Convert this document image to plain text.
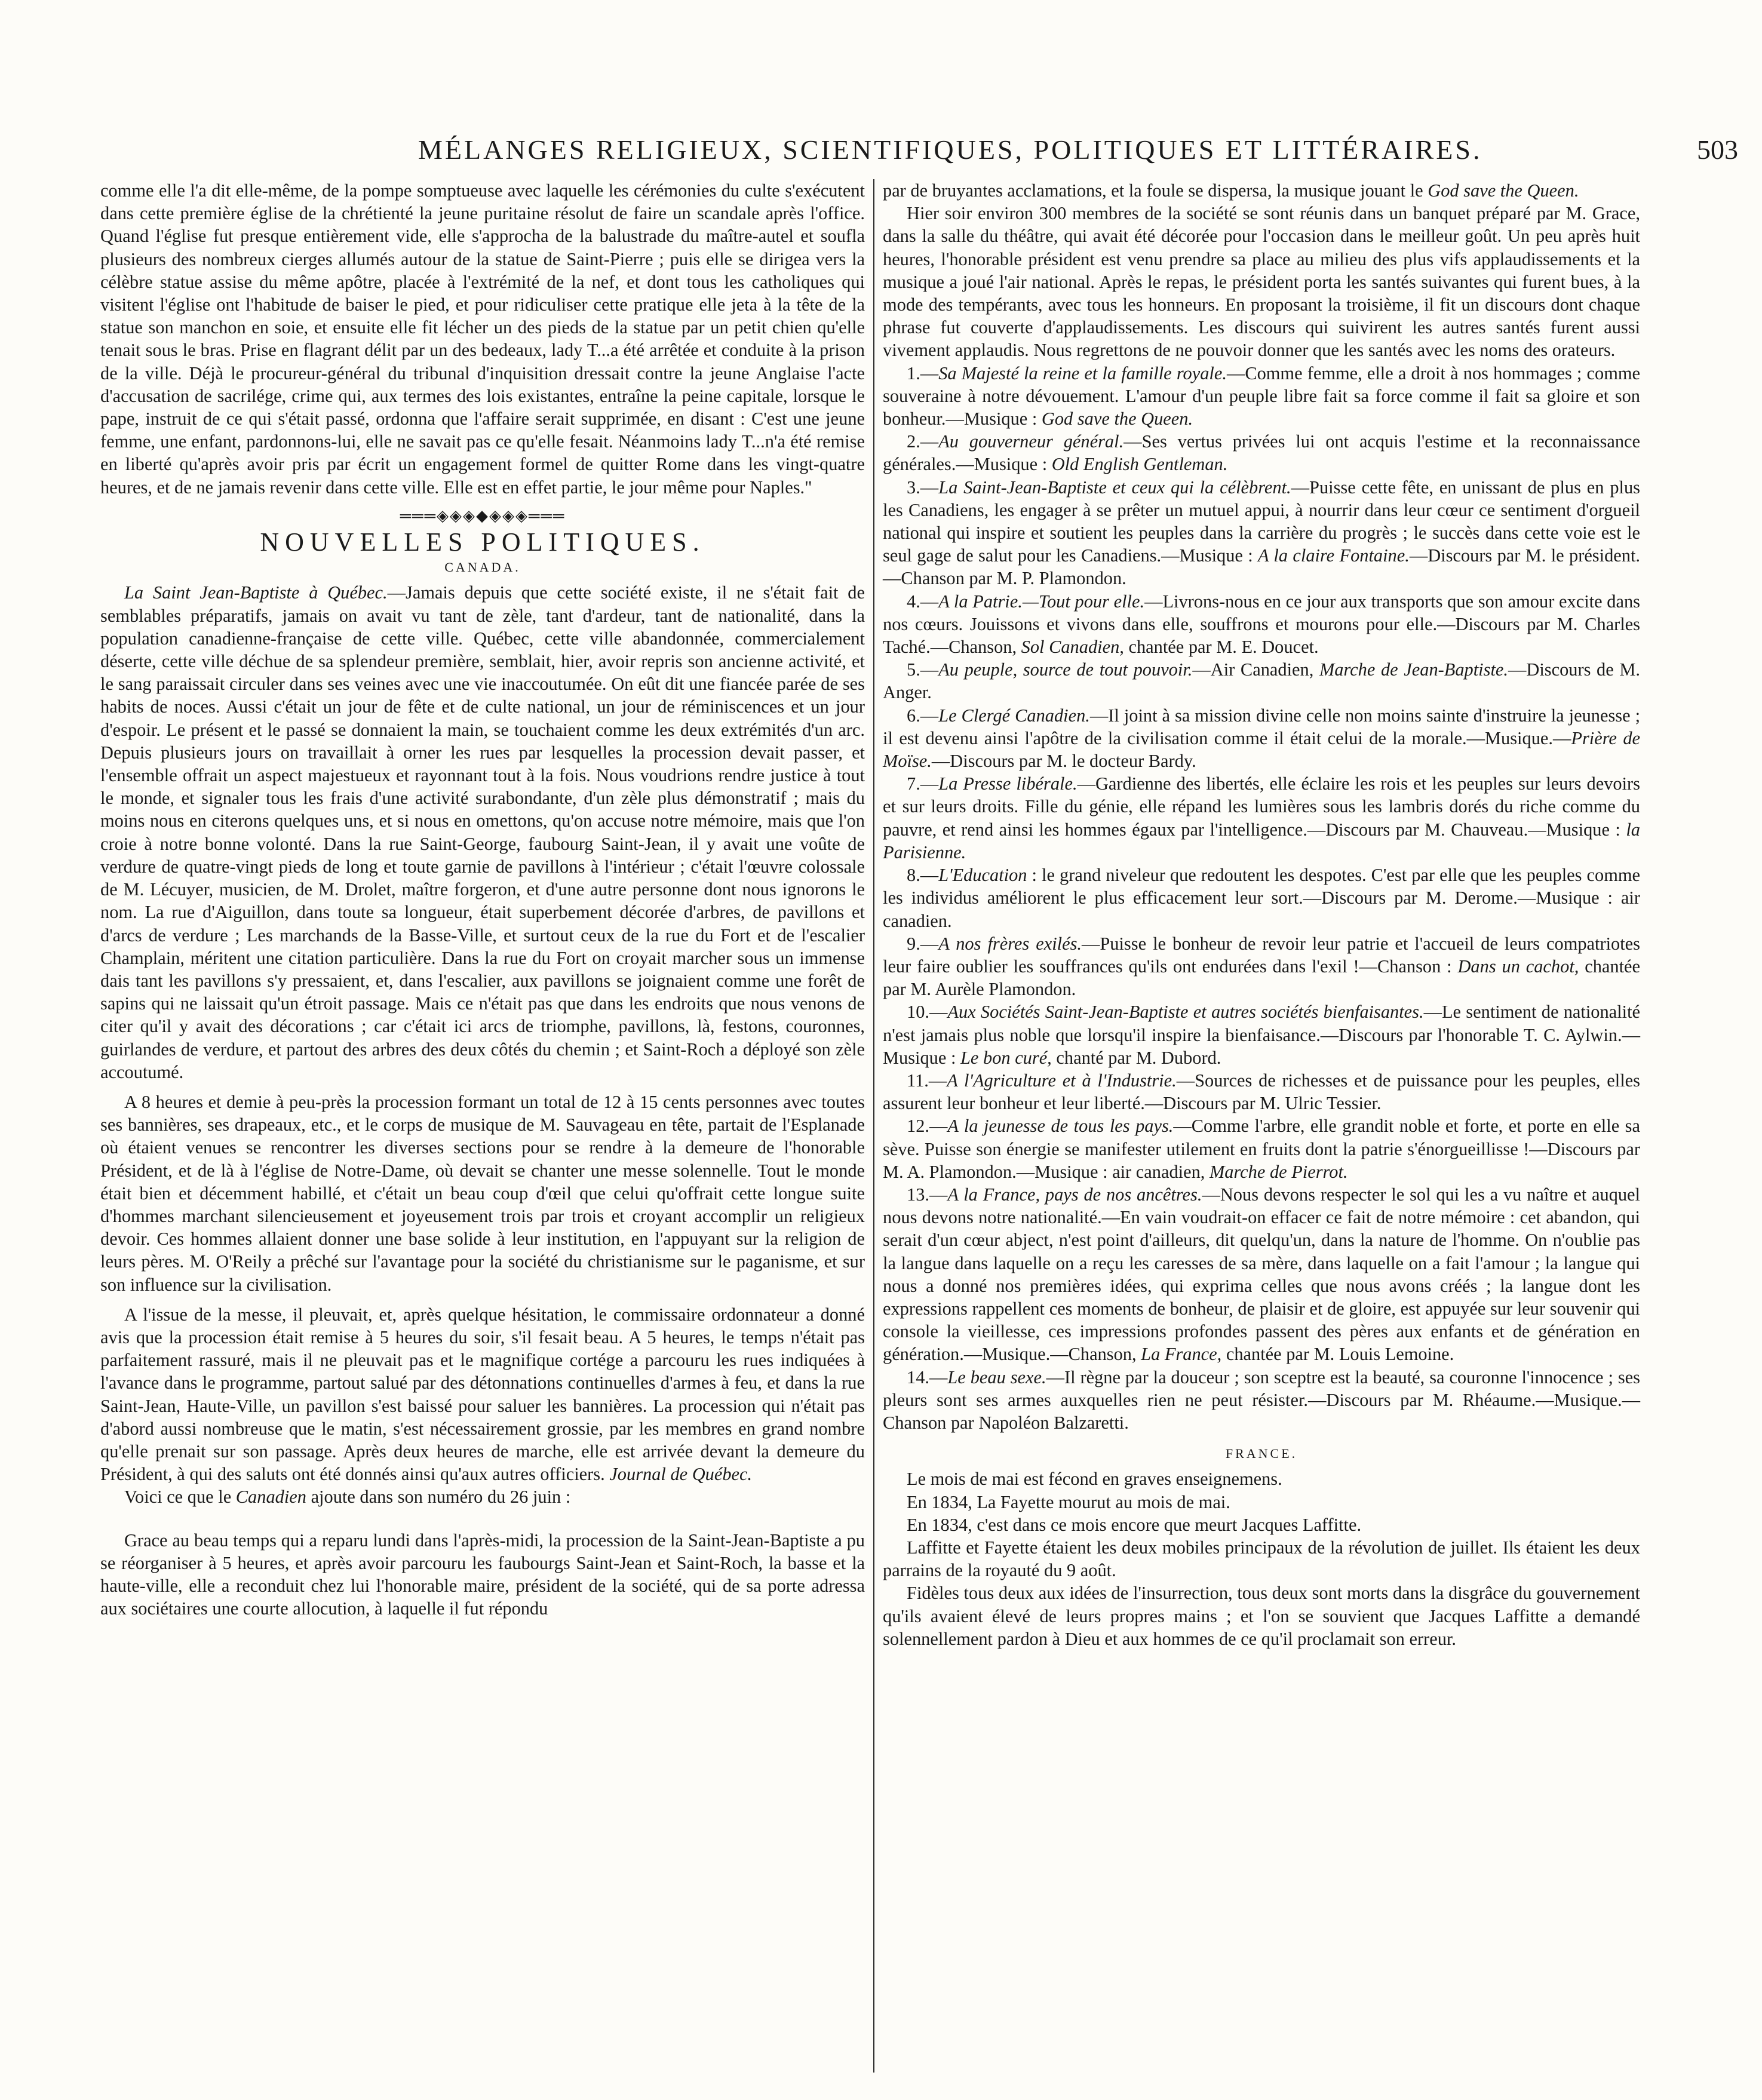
MÉLANGES RELIGIEUX, SCIENTIFIQUES, POLITIQUES ET LITTÉRAIRES.	503

comme elle l'a dit elle-même, de la pompe somptueuse avec laquelle les cérémonies du culte s'exécutent dans cette première église de la chrétienté la jeune puritaine résolut de faire un scandale après l'office. Quand l'église fut presque entièrement vide, elle s'approcha de la balustrade du maître-autel et soufla plusieurs des nombreux cierges allumés autour de la statue de Saint-Pierre ; puis elle se dirigea vers la célèbre statue assise du même apôtre, placée à l'extrémité de la nef, et dont tous les catholiques qui visitent l'église ont l'habitude de baiser le pied, et pour ridiculiser cette pratique elle jeta à la tête de la statue son manchon en soie, et ensuite elle fit lécher un des pieds de la statue par un petit chien qu'elle tenait sous le bras. Prise en flagrant délit par un des bedeaux, lady T...a été arrêtée et conduite à la prison de la ville. Déjà le procureur-général du tribunal d'inquisition dressait contre la jeune Anglaise l'acte d'accusation de sacrilége, crime qui, aux termes des lois existantes, entraîne la peine capitale, lorsque le pape, instruit de ce qui s'était passé, ordonna que l'affaire serait supprimée, en disant : C'est une jeune femme, une enfant, pardonnons-lui, elle ne savait pas ce qu'elle fesait. Néanmoins lady T...n'a été remise en liberté qu'après avoir pris par écrit un engagement formel de quitter Rome dans les vingt-quatre heures, et de ne jamais revenir dans cette ville. Elle est en effet partie, le jour même pour Naples."

═══◈◈◈◆◈◈◈═══
NOUVELLES POLITIQUES.
CANADA.

La Saint Jean-Baptiste à Québec.—Jamais depuis que cette société existe, il ne s'était fait de semblables préparatifs, jamais on avait vu tant de zèle, tant d'ardeur, tant de nationalité, dans la population canadienne-française de cette ville. Québec, cette ville abandonnée, commercialement déserte, cette ville déchue de sa splendeur première, semblait, hier, avoir repris son ancienne activité, et le sang paraissait circuler dans ses veines avec une vie inaccoutumée. On eût dit une fiancée parée de ses habits de noces. Aussi c'était un jour de fête et de culte national, un jour de réminiscences et un jour d'espoir. Le présent et le passé se donnaient la main, se touchaient comme les deux extrémités d'un arc. Depuis plusieurs jours on travaillait à orner les rues par lesquelles la procession devait passer, et l'ensemble offrait un aspect majestueux et rayonnant tout à la fois. Nous voudrions rendre justice à tout le monde, et signaler tous les frais d'une activité surabondante, d'un zèle plus démonstratif ; mais du moins nous en citerons quelques uns, et si nous en omettons, qu'on accuse notre mémoire, mais que l'on croie à notre bonne volonté. Dans la rue Saint-George, faubourg Saint-Jean, il y avait une voûte de verdure de quatre-vingt pieds de long et toute garnie de pavillons à l'intérieur ; c'était l'œuvre colossale de M. Lécuyer, musicien, de M. Drolet, maître forgeron, et d'une autre personne dont nous ignorons le nom. La rue d'Aiguillon, dans toute sa longueur, était superbement décorée d'arbres, de pavillons et d'arcs de verdure ; Les marchands de la Basse-Ville, et surtout ceux de la rue du Fort et de l'escalier Champlain, méritent une citation particulière. Dans la rue du Fort on croyait marcher sous un immense dais tant les pavillons s'y pressaient, et, dans l'escalier, aux pavillons se joignaient comme une forêt de sapins qui ne laissait qu'un étroit passage. Mais ce n'était pas que dans les endroits que nous venons de citer qu'il y avait des décorations ; car c'était ici arcs de triomphe, pavillons, là, festons, couronnes, guirlandes de verdure, et partout des arbres des deux côtés du chemin ; et Saint-Roch a déployé son zèle accoutumé.

A 8 heures et demie à peu-près la procession formant un total de 12 à 15 cents personnes avec toutes ses bannières, ses drapeaux, etc., et le corps de musique de M. Sauvageau en tête, partait de l'Esplanade où étaient venues se rencontrer les diverses sections pour se rendre à la demeure de l'honorable Président, et de là à l'église de Notre-Dame, où devait se chanter une messe solennelle. Tout le monde était bien et décemment habillé, et c'était un beau coup d'œil que celui qu'offrait cette longue suite d'hommes marchant silencieusement et joyeusement trois par trois et croyant accomplir un religieux devoir. Ces hommes allaient donner une base solide à leur institution, en l'appuyant sur la religion de leurs pères. M. O'Reily a prêché sur l'avantage pour la société du christianisme sur le paganisme, et sur son influence sur la civilisation.

A l'issue de la messe, il pleuvait, et, après quelque hésitation, le commissaire ordonnateur a donné avis que la procession était remise à 5 heures du soir, s'il fesait beau. A 5 heures, le temps n'était pas parfaitement rassuré, mais il ne pleuvait pas et le magnifique cortége a parcouru les rues indiquées à l'avance dans le programme, partout salué par des détonnations continuelles d'armes à feu, et dans la rue Saint-Jean, Haute-Ville, un pavillon s'est baissé pour saluer les bannières. La procession qui n'était pas d'abord aussi nombreuse que le matin, s'est nécessairement grossie, par les membres en grand nombre qu'elle prenait sur son passage. Après deux heures de marche, elle est arrivée devant la demeure du Président, à qui des saluts ont été donnés ainsi qu'aux autres officiers. Journal de Québec.

Voici ce que le Canadien ajoute dans son numéro du 26 juin :

Grace au beau temps qui a reparu lundi dans l'après-midi, la procession de la Saint-Jean-Baptiste a pu se réorganiser à 5 heures, et après avoir parcouru les faubourgs Saint-Jean et Saint-Roch, la basse et la haute-ville, elle a reconduit chez lui l'honorable maire, président de la société, qui de sa porte adressa aux sociétaires une courte allocution, à laquelle il fut répondu

par de bruyantes acclamations, et la foule se dispersa, la musique jouant le God save the Queen.

Hier soir environ 300 membres de la société se sont réunis dans un banquet préparé par M. Grace, dans la salle du théâtre, qui avait été décorée pour l'occasion dans le meilleur goût. Un peu après huit heures, l'honorable président est venu prendre sa place au milieu des plus vifs applaudissements et la musique a joué l'air national. Après le repas, le président porta les santés suivantes qui furent bues, à la mode des tempérants, avec tous les honneurs. En proposant la troisième, il fit un discours dont chaque phrase fut couverte d'applaudissements. Les discours qui suivirent les autres santés furent aussi vivement applaudis. Nous regrettons de ne pouvoir donner que les santés avec les noms des orateurs.

1.—Sa Majesté la reine et la famille royale.—Comme femme, elle a droit à nos hommages ; comme souveraine à notre dévouement. L'amour d'un peuple libre fait sa force comme il fait sa gloire et son bonheur.—Musique : God save the Queen.

2.—Au gouverneur général.—Ses vertus privées lui ont acquis l'estime et la reconnaissance générales.—Musique : Old English Gentleman.

3.—La Saint-Jean-Baptiste et ceux qui la célèbrent.—Puisse cette fête, en unissant de plus en plus les Canadiens, les engager à se prêter un mutuel appui, à nourrir dans leur cœur ce sentiment d'orgueil national qui inspire et soutient les peuples dans la carrière du progrès ; le succès dans cette voie est le seul gage de salut pour les Canadiens.—Musique : A la claire Fontaine.—Discours par M. le président.—Chanson par M. P. Plamondon.

4.—A la Patrie.—Tout pour elle.—Livrons-nous en ce jour aux transports que son amour excite dans nos cœurs. Jouissons et vivons dans elle, souffrons et mourons pour elle.—Discours par M. Charles Taché.—Chanson, Sol Canadien, chantée par M. E. Doucet.

5.—Au peuple, source de tout pouvoir.—Air Canadien, Marche de Jean-Baptiste.—Discours de M. Anger.

6.—Le Clergé Canadien.—Il joint à sa mission divine celle non moins sainte d'instruire la jeunesse ; il est devenu ainsi l'apôtre de la civilisation comme il était celui de la morale.—Musique.—Prière de Moïse.—Discours par M. le docteur Bardy.

7.—La Presse libérale.—Gardienne des libertés, elle éclaire les rois et les peuples sur leurs devoirs et sur leurs droits. Fille du génie, elle répand les lumières sous les lambris dorés du riche comme du pauvre, et rend ainsi les hommes égaux par l'intelligence.—Discours par M. Chauveau.—Musique : la Parisienne.

8.—L'Education : le grand niveleur que redoutent les despotes. C'est par elle que les peuples comme les individus améliorent le plus efficacement leur sort.—Discours par M. Derome.—Musique : air canadien.

9.—A nos frères exilés.—Puisse le bonheur de revoir leur patrie et l'accueil de leurs compatriotes leur faire oublier les souffrances qu'ils ont endurées dans l'exil !—Chanson : Dans un cachot, chantée par M. Aurèle Plamondon.

10.—Aux Sociétés Saint-Jean-Baptiste et autres sociétés bienfaisantes.—Le sentiment de nationalité n'est jamais plus noble que lorsqu'il inspire la bienfaisance.—Discours par l'honorable T. C. Aylwin.—Musique : Le bon curé, chanté par M. Dubord.

11.—A l'Agriculture et à l'Industrie.—Sources de richesses et de puissance pour les peuples, elles assurent leur bonheur et leur liberté.—Discours par M. Ulric Tessier.

12.—A la jeunesse de tous les pays.—Comme l'arbre, elle grandit noble et forte, et porte en elle sa sève. Puisse son énergie se manifester utilement en fruits dont la patrie s'énorgueillisse !—Discours par M. A. Plamondon.—Musique : air canadien, Marche de Pierrot.

13.—A la France, pays de nos ancêtres.—Nous devons respecter le sol qui les a vu naître et auquel nous devons notre nationalité.—En vain voudrait-on effacer ce fait de notre mémoire : cet abandon, qui serait d'un cœur abject, n'est point d'ailleurs, dit quelqu'un, dans la nature de l'homme. On n'oublie pas la langue dans laquelle on a reçu les caresses de sa mère, dans laquelle on a fait l'amour ; la langue qui nous a donné nos premières idées, qui exprima celles que nous avons créés ; la langue dont les expressions rappellent ces moments de bonheur, de plaisir et de gloire, est appuyée sur leur souvenir qui console la vieillesse, ces impressions profondes passent des pères aux enfants et de génération en génération.—Musique.—Chanson, La France, chantée par M. Louis Lemoine.

14.—Le beau sexe.—Il règne par la douceur ; son sceptre est la beauté, sa couronne l'innocence ; ses pleurs sont ses armes auxquelles rien ne peut résister.—Discours par M. Rhéaume.—Musique.—Chanson par Napoléon Balzaretti.

FRANCE.

Le mois de mai est fécond en graves enseignemens.

En 1834, La Fayette mourut au mois de mai.

En 1834, c'est dans ce mois encore que meurt Jacques Laffitte.

Laffitte et Fayette étaient les deux mobiles principaux de la révolution de juillet. Ils étaient les deux parrains de la royauté du 9 août.

Fidèles tous deux aux idées de l'insurrection, tous deux sont morts dans la disgrâce du gouvernement qu'ils avaient élevé de leurs propres mains ; et l'on se souvient que Jacques Laffitte a demandé solennellement pardon à Dieu et aux hommes de ce qu'il proclamait son erreur.
